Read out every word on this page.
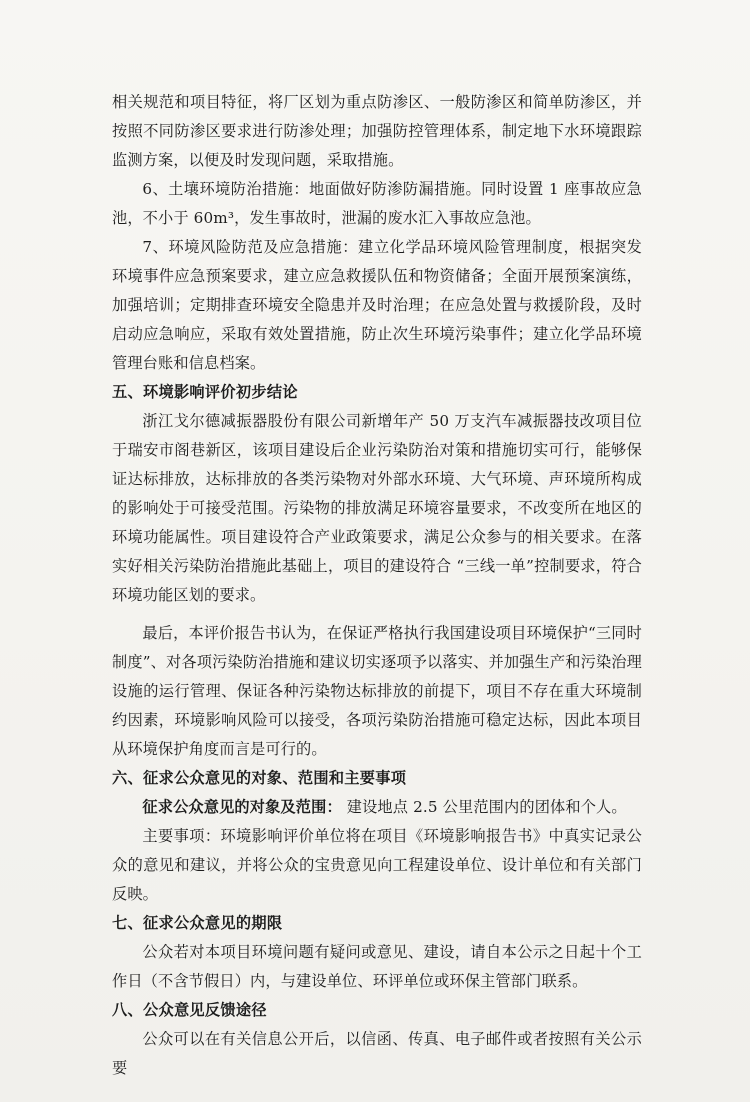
相关规范和项目特征，将厂区划为重点防渗区、一般防渗区和简单防渗区，并按照不同防渗区要求进行防渗处理；加强防控管理体系，制定地下水环境跟踪监测方案，以便及时发现问题，采取措施。

6、土壤环境防治措施：地面做好防渗防漏措施。同时设置 1 座事故应急池，不小于 60m³，发生事故时，泄漏的废水汇入事故应急池。

7、环境风险防范及应急措施：建立化学品环境风险管理制度，根据突发环境事件应急预案要求，建立应急救援队伍和物资储备；全面开展预案演练，加强培训；定期排查环境安全隐患并及时治理；在应急处置与救援阶段，及时启动应急响应，采取有效处置措施，防止次生环境污染事件；建立化学品环境管理台账和信息档案。

五、环境影响评价初步结论

浙江戈尔德减振器股份有限公司新增年产 50 万支汽车减振器技改项目位于瑞安市阁巷新区，该项目建设后企业污染防治对策和措施切实可行，能够保证达标排放，达标排放的各类污染物对外部水环境、大气环境、声环境所构成的影响处于可接受范围。污染物的排放满足环境容量要求，不改变所在地区的环境功能属性。项目建设符合产业政策要求，满足公众参与的相关要求。在落实好相关污染防治措施此基础上，项目的建设符合 “三线一单”控制要求，符合环境功能区划的要求。

最后，本评价报告书认为，在保证严格执行我国建设项目环境保护“三同时制度”、对各项污染防治措施和建议切实逐项予以落实、并加强生产和污染治理设施的运行管理、保证各种污染物达标排放的前提下，项目不存在重大环境制约因素，环境影响风险可以接受，各项污染防治措施可稳定达标，因此本项目从环境保护角度而言是可行的。

六、征求公众意见的对象、范围和主要事项

征求公众意见的对象及范围： 建设地点 2.5 公里范围内的团体和个人。

主要事项：环境影响评价单位将在项目《环境影响报告书》中真实记录公众的意见和建议，并将公众的宝贵意见向工程建设单位、设计单位和有关部门反映。

七、征求公众意见的期限

公众若对本项目环境问题有疑问或意见、建设，请自本公示之日起十个工作日（不含节假日）内，与建设单位、环评单位或环保主管部门联系。

八、公众意见反馈途径

公众可以在有关信息公开后，以信函、传真、电子邮件或者按照有关公示要
